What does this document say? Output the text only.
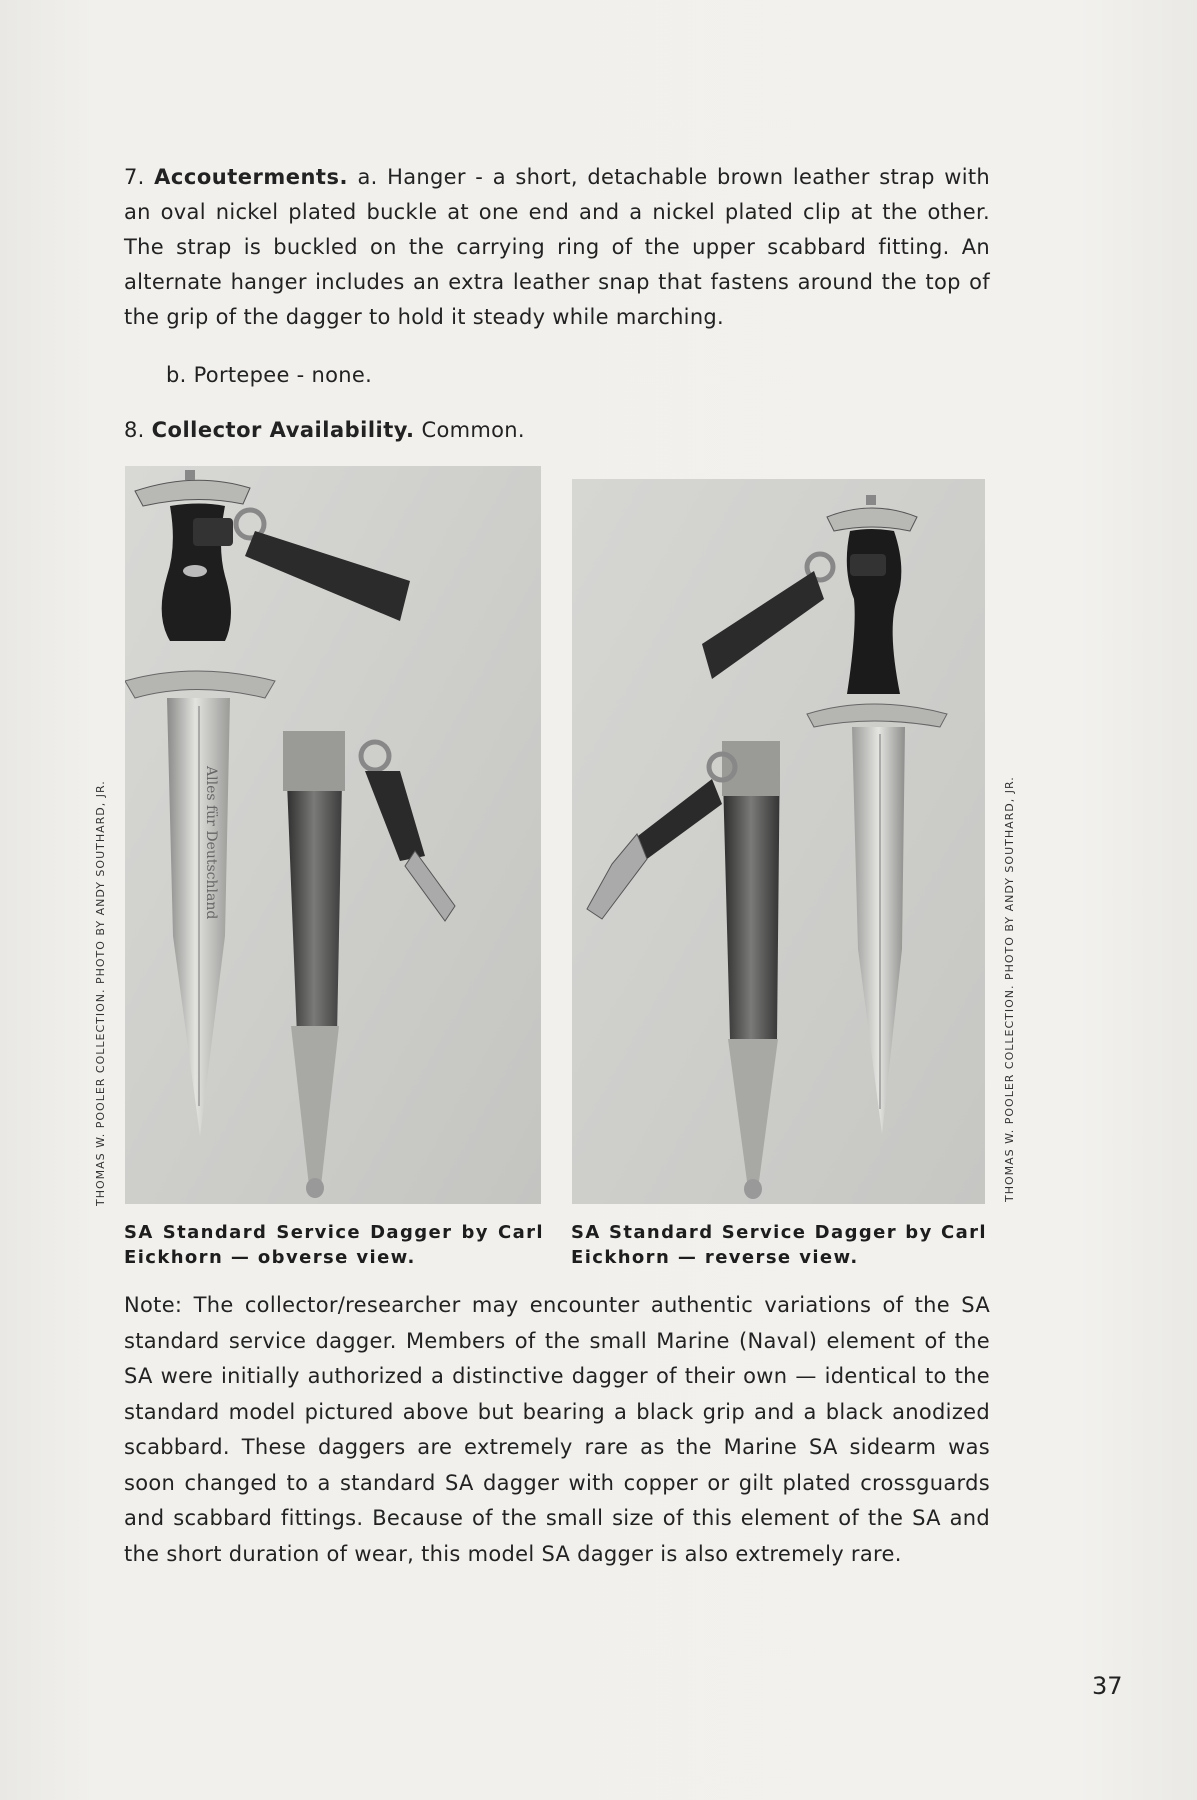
7. Accouterments. a. Hanger - a short, detachable brown leather strap with an oval nickel plated buckle at one end and a nickel plated clip at the other. The strap is buckled on the carrying ring of the upper scabbard fitting. An alternate hanger includes an extra leather snap that fastens around the top of the grip of the dagger to hold it steady while marching.
b. Portepee - none.
8. Collector Availability. Common.
Alles für Deutschland
SA Standard Service Dagger by Carl Eickhorn — obverse view.
SA Standard Service Dagger by Carl Eickhorn — reverse view.
THOMAS W. POOLER COLLECTION. PHOTO BY ANDY SOUTHARD, JR.	THOMAS W. POOLER COLLECTION. PHOTO BY ANDY SOUTHARD, JR.
Note: The collector/researcher may encounter authentic variations of the SA standard service dagger. Members of the small Marine (Naval) element of the SA were initially authorized a distinctive dagger of their own — identical to the standard model pictured above but bearing a black grip and a black anodized scabbard. These daggers are extremely rare as the Marine SA sidearm was soon changed to a standard SA dagger with copper or gilt plated crossguards and scabbard fittings. Because of the small size of this element of the SA and the short duration of wear, this model SA dagger is also extremely rare.
37
